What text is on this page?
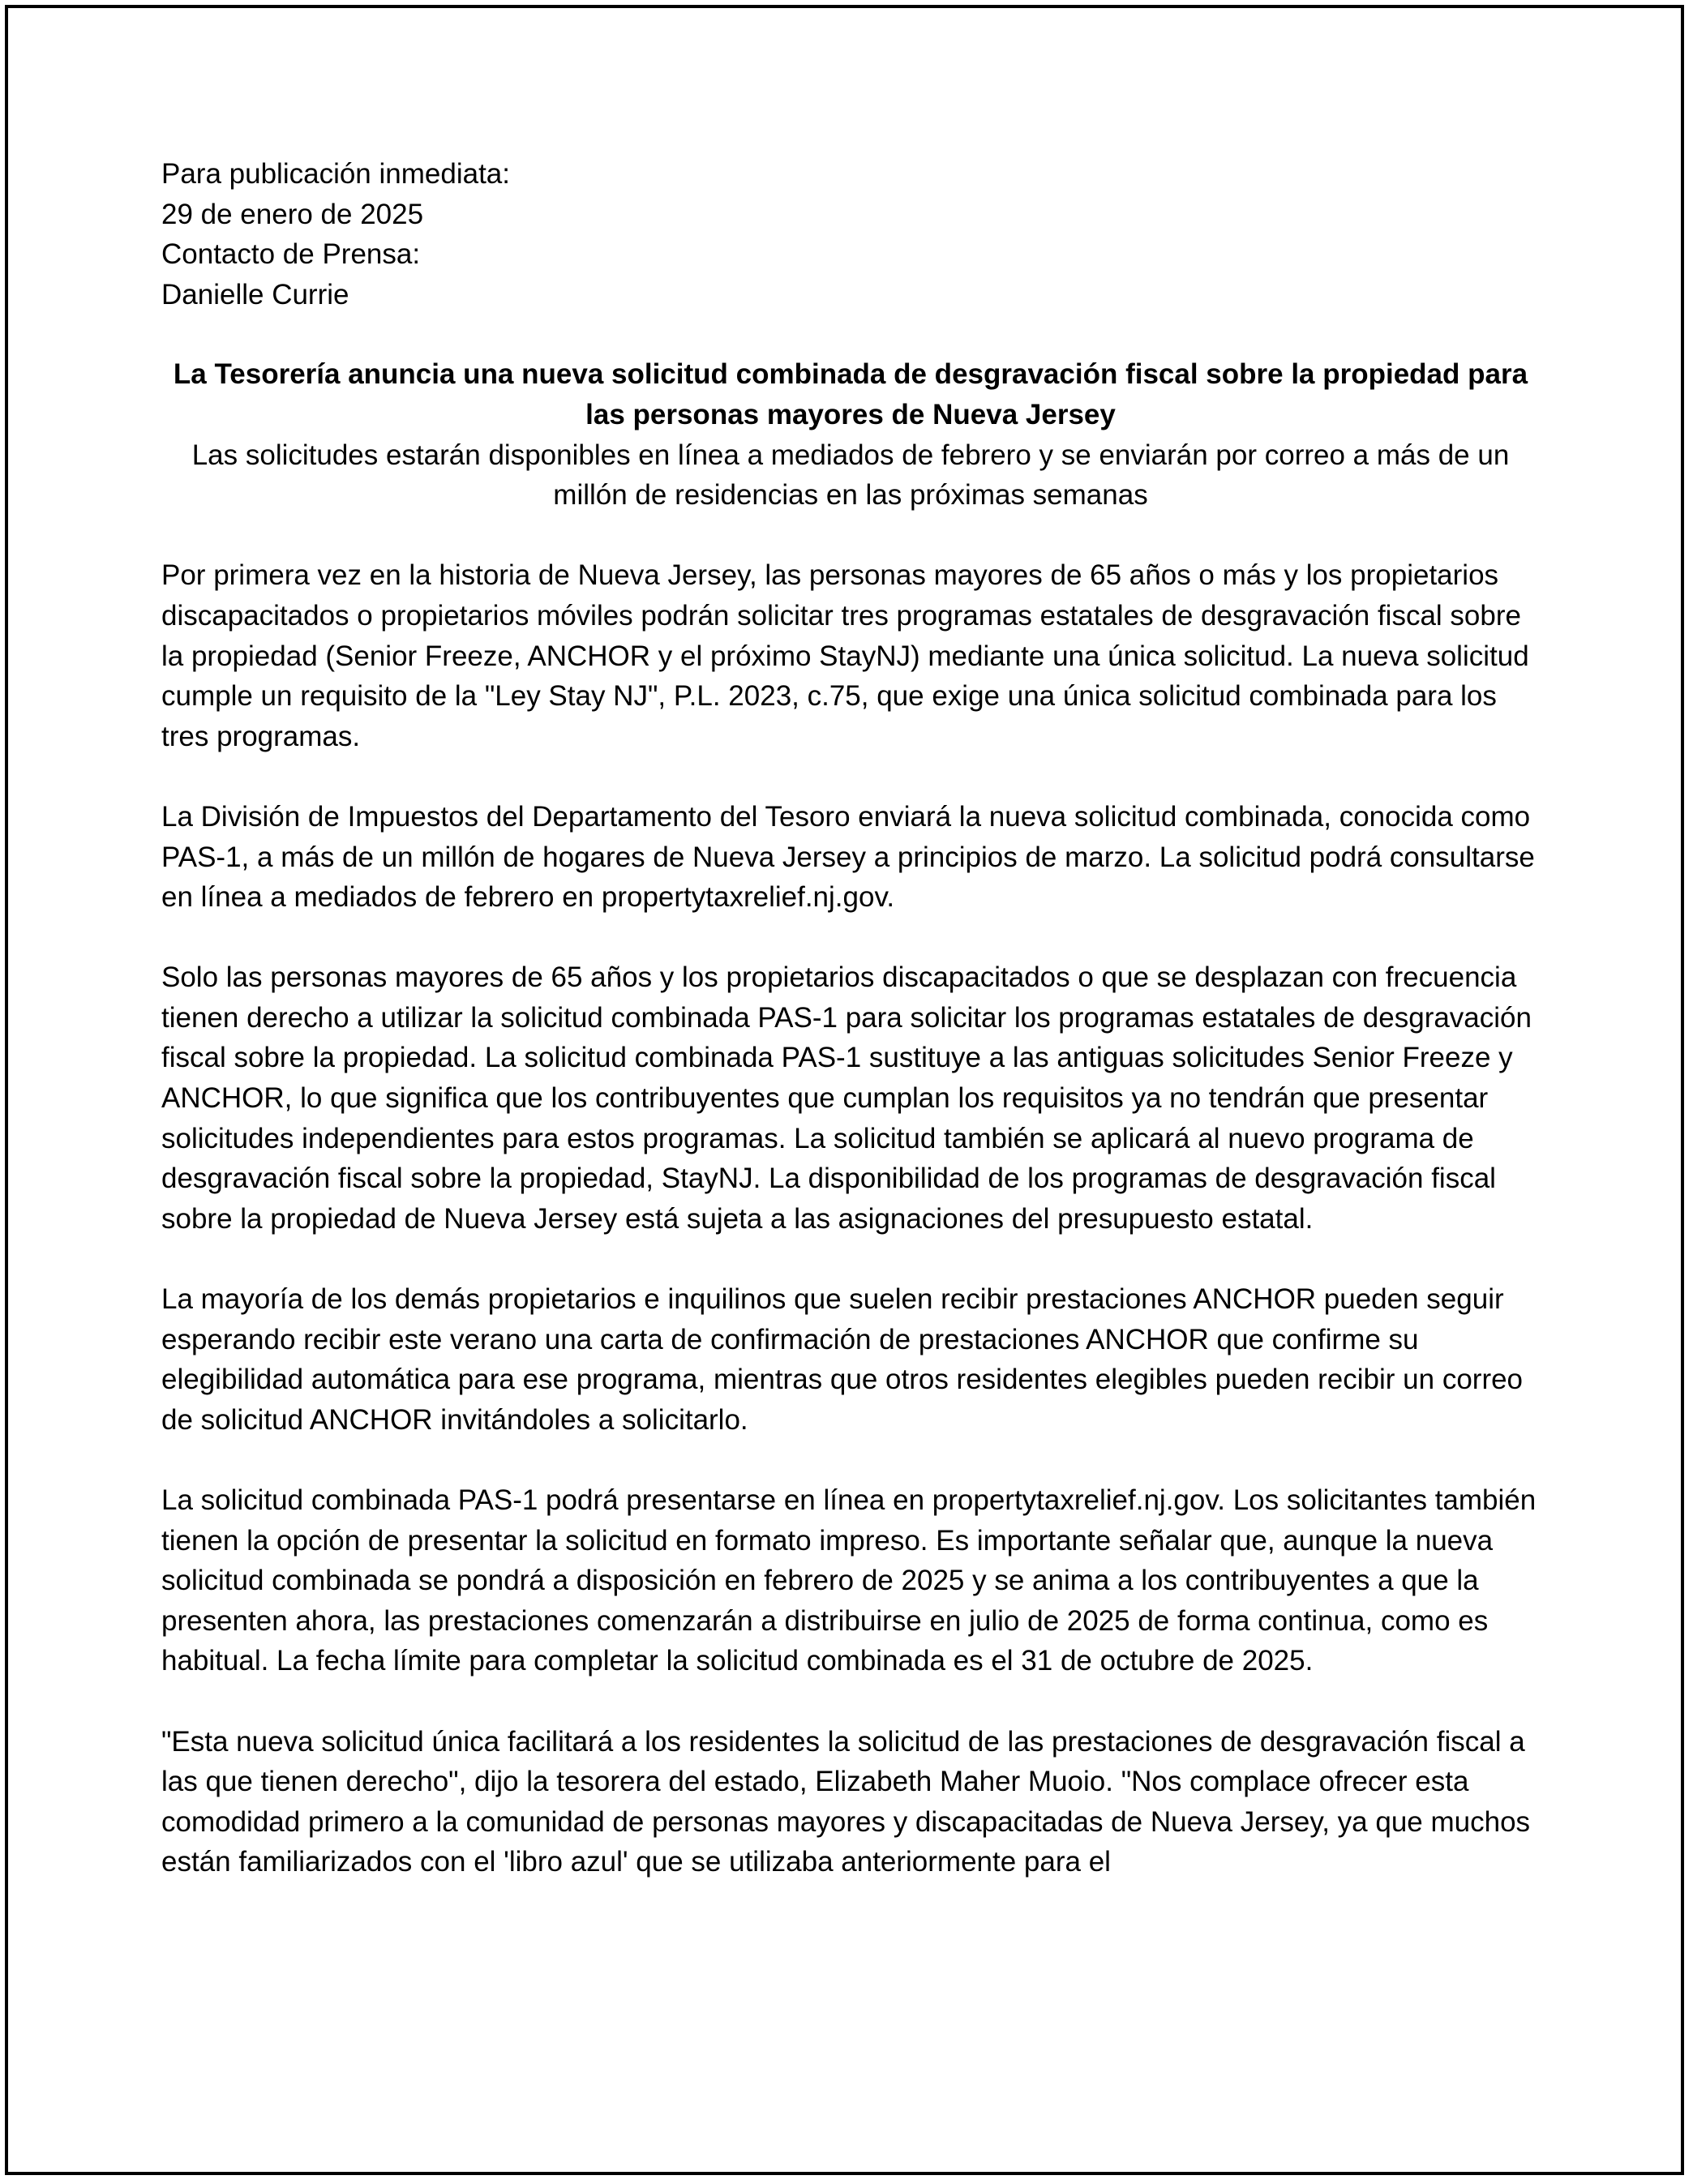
Para publicación inmediata:
29 de enero de 2025
Contacto de Prensa:
Danielle Currie
La Tesorería anuncia una nueva solicitud combinada de desgravación fiscal sobre la propiedad para las personas mayores de Nueva Jersey
Las solicitudes estarán disponibles en línea a mediados de febrero y se enviarán por correo a más de un millón de residencias en las próximas semanas

Por primera vez en la historia de Nueva Jersey, las personas mayores de 65 años o más y los propietarios discapacitados o propietarios móviles podrán solicitar tres programas estatales de desgravación fiscal sobre la propiedad (Senior Freeze, ANCHOR y el próximo StayNJ) mediante una única solicitud. La nueva solicitud cumple un requisito de la "Ley Stay NJ", P.L. 2023, c.75, que exige una única solicitud combinada para los tres programas.

La División de Impuestos del Departamento del Tesoro enviará la nueva solicitud combinada, conocida como PAS-1, a más de un millón de hogares de Nueva Jersey a principios de marzo. La solicitud podrá consultarse en línea a mediados de febrero en propertytaxrelief.nj.gov.

Solo las personas mayores de 65 años y los propietarios discapacitados o que se desplazan con frecuencia tienen derecho a utilizar la solicitud combinada PAS-1 para solicitar los programas estatales de desgravación fiscal sobre la propiedad. La solicitud combinada PAS-1 sustituye a las antiguas solicitudes Senior Freeze y ANCHOR, lo que significa que los contribuyentes que cumplan los requisitos ya no tendrán que presentar solicitudes independientes para estos programas. La solicitud también se aplicará al nuevo programa de desgravación fiscal sobre la propiedad, StayNJ. La disponibilidad de los programas de desgravación fiscal sobre la propiedad de Nueva Jersey está sujeta a las asignaciones del presupuesto estatal.

La mayoría de los demás propietarios e inquilinos que suelen recibir prestaciones ANCHOR pueden seguir esperando recibir este verano una carta de confirmación de prestaciones ANCHOR que confirme su elegibilidad automática para ese programa, mientras que otros residentes elegibles pueden recibir un correo de solicitud ANCHOR invitándoles a solicitarlo.

La solicitud combinada PAS-1 podrá presentarse en línea en propertytaxrelief.nj.gov. Los solicitantes también tienen la opción de presentar la solicitud en formato impreso. Es importante señalar que, aunque la nueva solicitud combinada se pondrá a disposición en febrero de 2025 y se anima a los contribuyentes a que la presenten ahora, las prestaciones comenzarán a distribuirse en julio de 2025 de forma continua, como es habitual. La fecha límite para completar la solicitud combinada es el 31 de octubre de 2025.

"Esta nueva solicitud única facilitará a los residentes la solicitud de las prestaciones de desgravación fiscal a las que tienen derecho", dijo la tesorera del estado, Elizabeth Maher Muoio. "Nos complace ofrecer esta comodidad primero a la comunidad de personas mayores y discapacitadas de Nueva Jersey, ya que muchos están familiarizados con el 'libro azul' que se utilizaba anteriormente para el
